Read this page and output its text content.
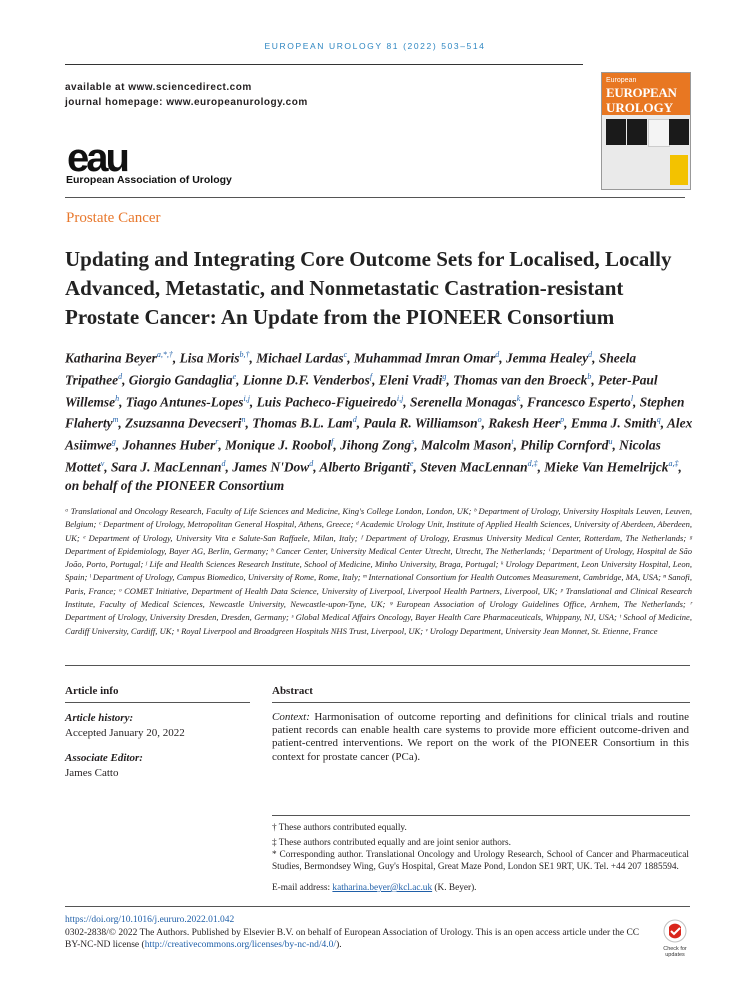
EUROPEAN UROLOGY 81 (2022) 503–514
available at www.sciencedirect.com
journal homepage: www.europeanurology.com
eau
European Association of Urology
European
EUROPEAN
UROLOGY
Prostate Cancer
Updating and Integrating Core Outcome Sets for Localised, Locally Advanced, Metastatic, and Nonmetastatic Castration-resistant Prostate Cancer: An Update from the PIONEER Consortium
Katharina Beyer$^{a,*,\dagger}$, Lisa Moris$^{b,\dagger}$, Michael Lardas$^c$, Muhammad Imran Omar$^d$, Jemma Healey$^d$, Sheela Tripathee$^d$, Giorgio Gandaglia$^e$, Lionne D.F. Venderbos$^f$, Eleni Vradi$^g$, Thomas van den Broeck$^b$, Peter-Paul Willemse$^h$, Tiago Antunes-Lopes$^{i,j}$, Luis Pacheco-Figueiredo$^{i,j}$, Serenella Monagas$^k$, Francesco Esperto$^l$, Stephen Flaherty$^m$, Zsuzsanna Devecseri$^n$, Thomas B.L. Lam$^d$, Paula R. Williamson$^o$, Rakesh Heer$^p$, Emma J. Smith$^q$, Alex Asiimwe$^g$, Johannes Huber$^r$, Monique J. Roobol$^f$, Jihong Zong$^s$, Malcolm Mason$^t$, Philip Cornford$^u$, Nicolas Mottet$^v$, Sara J. MacLennan$^d$, James N'Dow$^d$, Alberto Briganti$^e$, Steven MacLennan$^{d,\ddagger}$, Mieke Van Hemelrijck$^{a,\ddagger}$, on behalf of the PIONEER Consortium
ᵃ Translational and Oncology Research, Faculty of Life Sciences and Medicine, King's College London, London, UK; ᵇ Department of Urology, University Hospitals Leuven, Leuven, Belgium; ᶜ Department of Urology, Metropolitan General Hospital, Athens, Greece; ᵈ Academic Urology Unit, Institute of Applied Health Sciences, University of Aberdeen, Aberdeen, UK; ᵉ Department of Urology, University Vita e Salute-San Raffaele, Milan, Italy; ᶠ Department of Urology, Erasmus University Medical Center, Rotterdam, The Netherlands; ᵍ Department of Epidemiology, Bayer AG, Berlin, Germany; ʰ Cancer Center, University Medical Center Utrecht, Utrecht, The Netherlands; ⁱ Department of Urology, Hospital de São João, Porto, Portugal; ʲ Life and Health Sciences Research Institute, School of Medicine, Minho University, Braga, Portugal; ᵏ Urology Department, Leon University Hospital, Leon, Spain; ˡ Department of Urology, Campus Biomedico, University of Rome, Rome, Italy; ᵐ International Consortium for Health Outcomes Measurement, Cambridge, MA, USA; ⁿ Sanofi, Paris, France; ᵒ COMET Initiative, Department of Health Data Science, University of Liverpool, Liverpool Health Partners, Liverpool, UK; ᵖ Translational and Clinical Research Institute, Faculty of Medical Sciences, Newcastle University, Newcastle-upon-Tyne, UK; ᵠ European Association of Urology Guidelines Office, Arnhem, The Netherlands; ʳ Department of Urology, University Dresden, Dresden, Germany; ˢ Global Medical Affairs Oncology, Bayer Health Care Pharmaceuticals, Whippany, NJ, USA; ᵗ School of Medicine, Cardiff University, Cardiff, UK; ᵘ Royal Liverpool and Broadgreen Hospitals NHS Trust, Liverpool, UK; ᵛ Urology Department, University Jean Monnet, St. Etienne, France
Article info
Article history:
Accepted January 20, 2022
Associate Editor:
James Catto
Abstract

Context: Harmonisation of outcome reporting and definitions for clinical trials and routine patient records can enable health care systems to provide more efficient outcome-driven and patient-centred interventions. We report on the work of the PIONEER Consortium in this context for prostate cancer (PCa).

† These authors contributed equally.
‡ These authors contributed equally and are joint senior authors.
* Corresponding author. Translational Oncology and Urology Research, School of Cancer and Pharmaceutical Studies, Bermondsey Wing, Guy's Hospital, Great Maze Pond, London SE1 9RT, UK. Tel. +44 207 1885594.
E-mail address: katharina.beyer@kcl.ac.uk (K. Beyer).
https://doi.org/10.1016/j.eururo.2022.01.042
0302-2838/© 2022 The Authors. Published by Elsevier B.V. on behalf of European Association of Urology. This is an open access article under the CC BY-NC-ND license (http://creativecommons.org/licenses/by-nc-nd/4.0/).	Check for
updates
